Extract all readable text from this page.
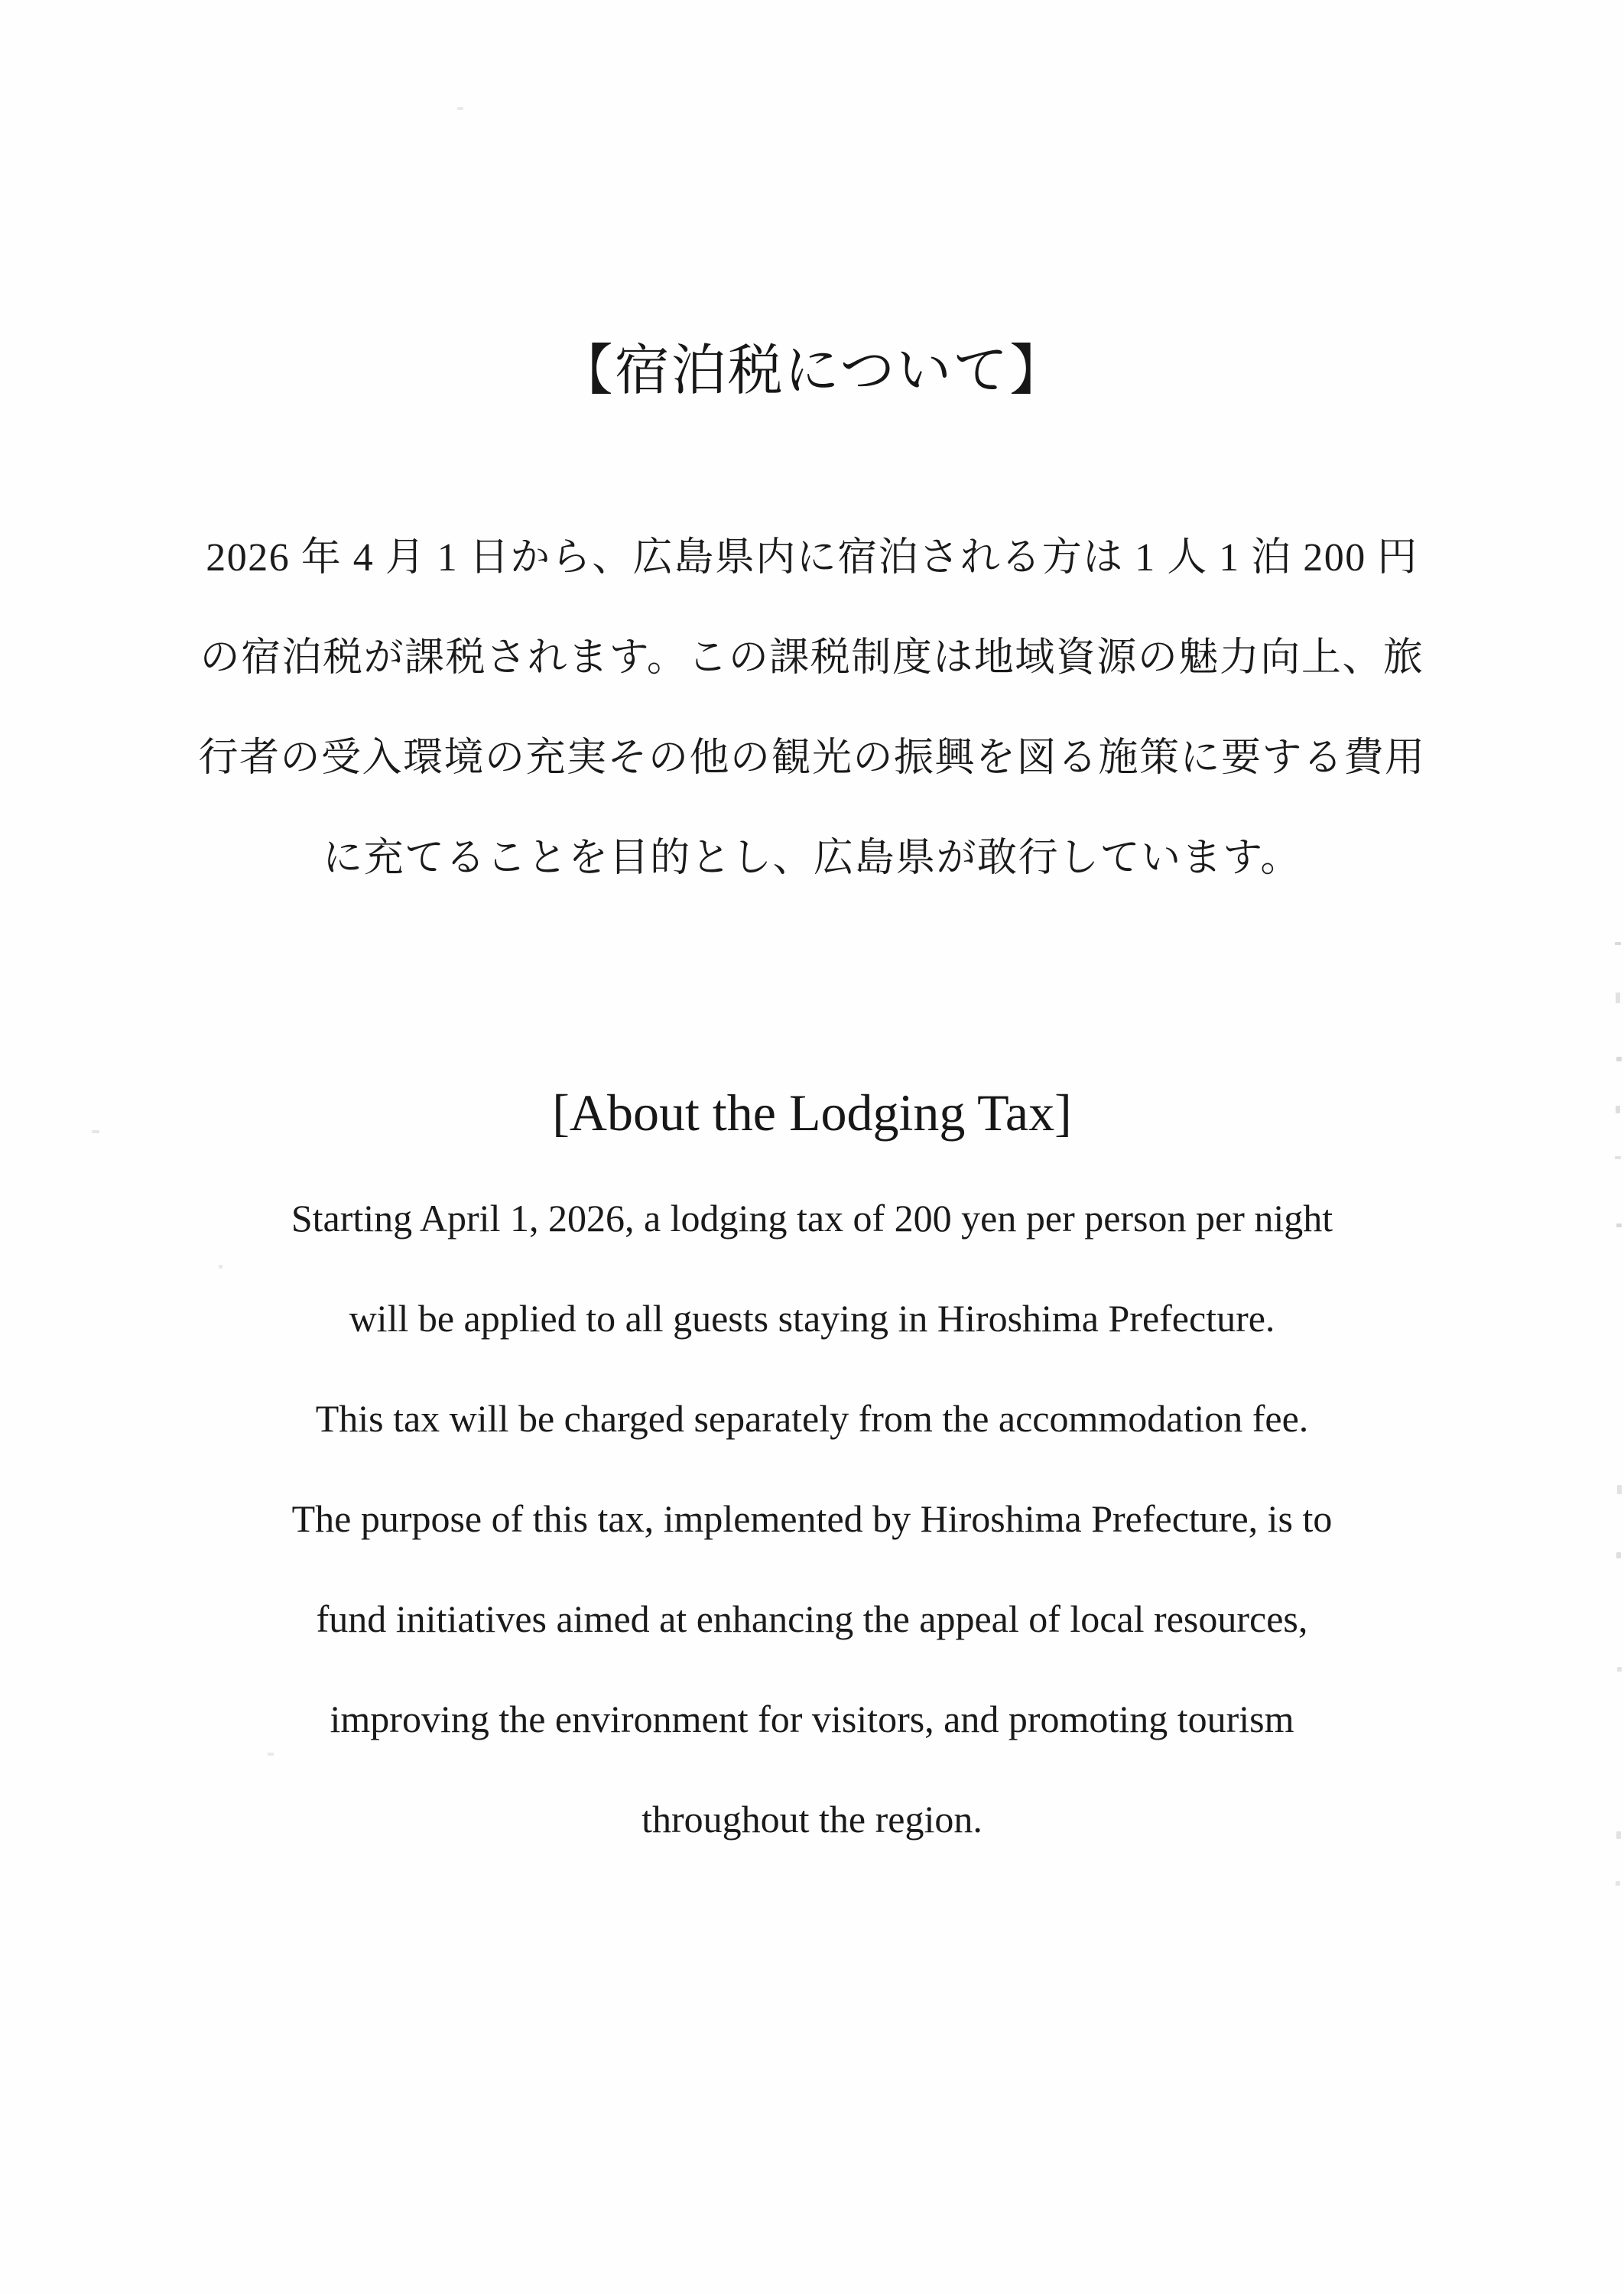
【宿泊税について】
2026 年 4 月 1 日から、広島県内に宿泊される方は 1 人 1 泊 200 円
の宿泊税が課税されます。この課税制度は地域資源の魅力向上、旅
行者の受入環境の充実その他の観光の振興を図る施策に要する費用
に充てることを目的とし、広島県が敢行しています。
[About the Lodging Tax]
Starting April 1, 2026, a lodging tax of 200 yen per person per night
will be applied to all guests staying in Hiroshima Prefecture.
This tax will be charged separately from the accommodation fee.
The purpose of this tax, implemented by Hiroshima Prefecture, is to
fund initiatives aimed at enhancing the appeal of local resources,
improving the environment for visitors, and promoting tourism
throughout the region.
